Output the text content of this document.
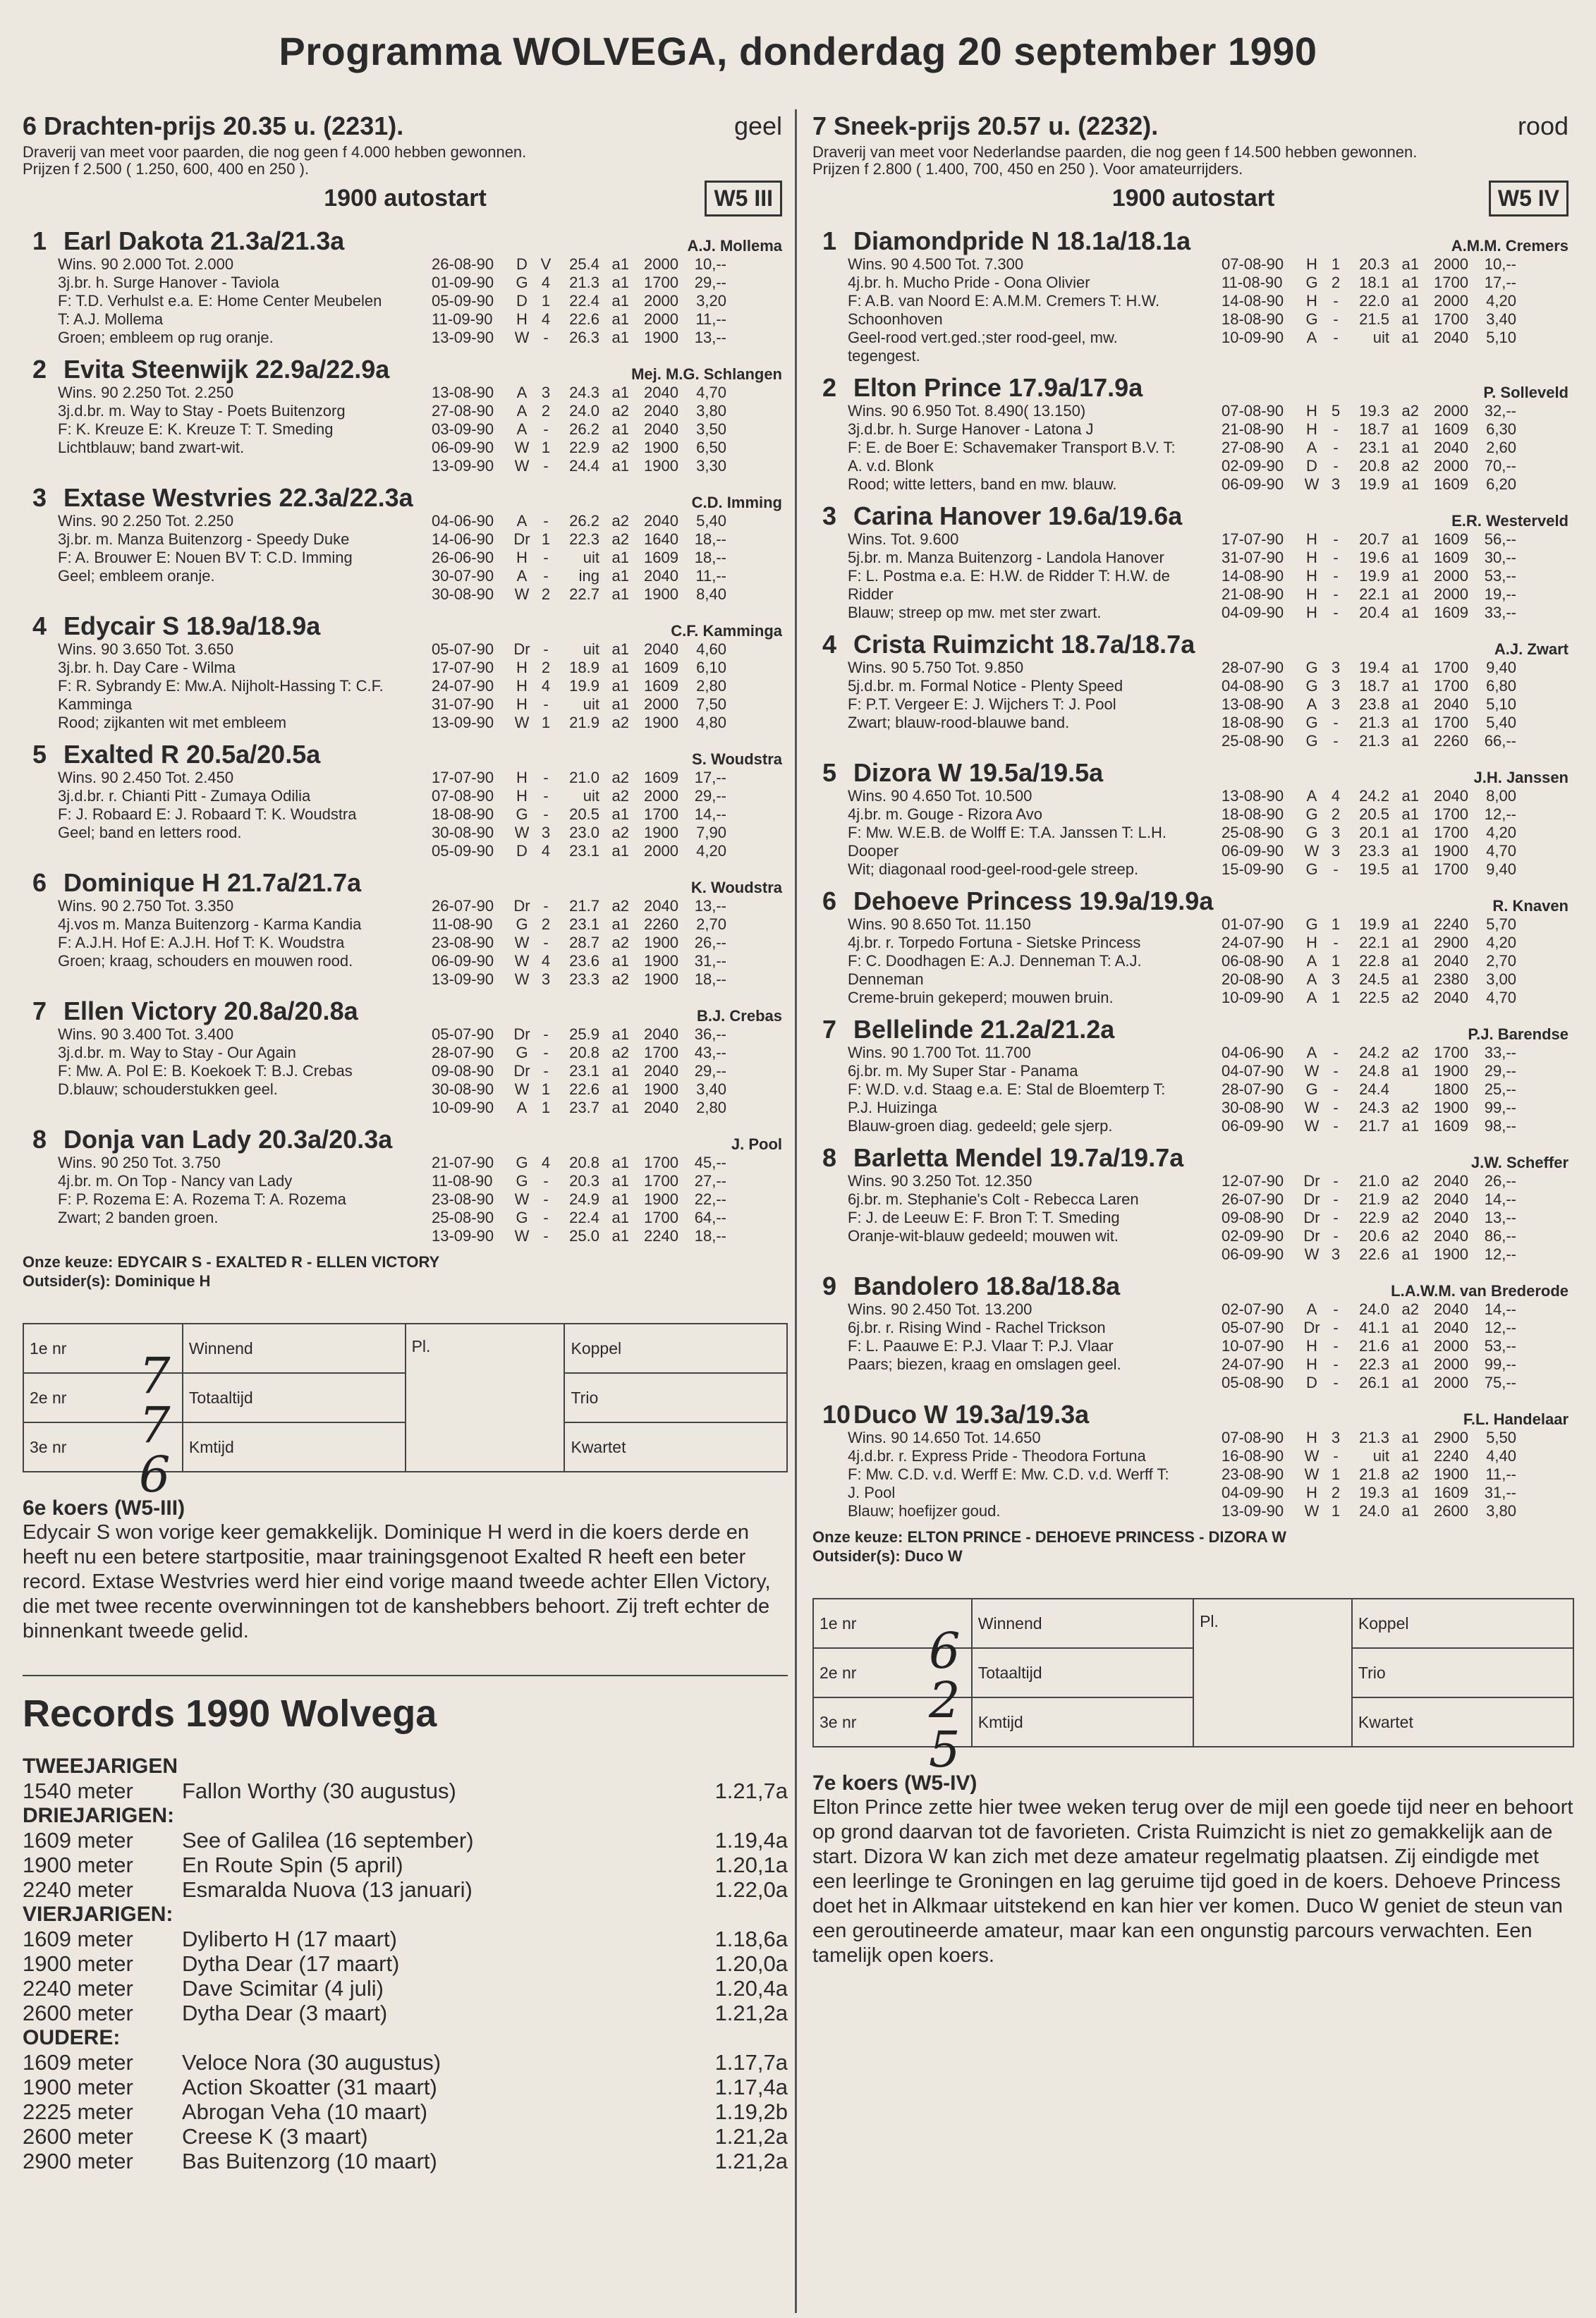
Programma WOLVEGA, donderdag 20 september 1990
6 Drachten-prijs 20.35 u. (2231).	geel
Draverij van meet voor paarden, die nog geen f 4.000 hebben gewonnen.
Prijzen f 2.500 ( 1.250, 600, 400 en 250 ).
1900 autostart	W5 III
1 Earl Dakota 21.3a/21.3a	A.J. Mollema
Wins. 90 2.000 Tot. 2.000
3j.br. h. Surge Hanover - Taviola
F: T.D. Verhulst e.a. E: Home Center Meubelen
T: A.J. Mollema
Groen; embleem op rug oranje.
26-08-90	D V	25.4 a1 2000	10,--
01-09-90	G 4	21.3 a1 1700	29,--
05-09-90	D 1	22.4 a1 2000	3,20
11-09-90	H 4	22.6 a1 2000	11,--
13-09-90	W -	26.3 a1 1900	13,--
2 Evita Steenwijk 22.9a/22.9a	Mej. M.G. Schlangen
Wins. 90 2.250 Tot. 2.250
3j.d.br. m. Way to Stay - Poets Buitenzorg
F: K. Kreuze E: K. Kreuze T: T. Smeding
Lichtblauw; band zwart-wit.
13-08-90	A 3	24.3 a1 2040	4,70
27-08-90	A 2	24.0 a2 2040	3,80
03-09-90	A	-	26.2 a1 2040	3,50
06-09-90	W 1	22.9 a2 1900	6,50
13-09-90	W -	24.4 a1 1900	3,30
3 Extase Westvries 22.3a/22.3a	C.D. Imming
Wins. 90 2.250 Tot. 2.250
3j.br. m. Manza Buitenzorg - Speedy Duke
F: A. Brouwer E: Nouen BV T: C.D. Imming
Geel; embleem oranje.
04-06-90	A	-	26.2 a2 2040	5,40
14-06-90	Dr 1	22.3 a2 1640	18,--
26-06-90	H	-	uit a1 1609	18,--
30-07-90	A	-	ing a1 2040	11,--
30-08-90	W 2	22.7 a1 1900	8,40
4 Edycair S 18.9a/18.9a	C.F. Kamminga
Wins. 90 3.650 Tot. 3.650
3j.br. h. Day Care - Wilma
F: R. Sybrandy E: Mw.A. Nijholt-Hassing T: C.F.
Kamminga
Rood; zijkanten wit met embleem
05-07-90	Dr -	uit a1 2040	4,60
17-07-90	H 2	18.9 a1 1609	6,10
24-07-90	H 4	19.9 a1 1609	2,80
31-07-90	H	-	uit a1 2000	7,50
13-09-90	W 1	21.9 a2 1900	4,80
5 Exalted R 20.5a/20.5a	S. Woudstra
Wins. 90 2.450 Tot. 2.450
3j.d.br. r. Chianti Pitt - Zumaya Odilia
F: J. Robaard E: J. Robaard T: K. Woudstra
Geel; band en letters rood.
17-07-90	H	-	21.0 a2 1609	17,--
07-08-90	H	-	uit a2 2000	29,--
18-08-90	G -	20.5 a1 1700	14,--
30-08-90	W 3	23.0 a2 1900	7,90
05-09-90	D 4	23.1 a1 2000	4,20
6 Dominique H 21.7a/21.7a	K. Woudstra
Wins. 90 2.750 Tot. 3.350
4j.vos m. Manza Buitenzorg - Karma Kandia
F: A.J.H. Hof E: A.J.H. Hof T: K. Woudstra
Groen; kraag, schouders en mouwen rood.
26-07-90	Dr -	21.7 a2 2040	13,--
11-08-90	G 2	23.1 a1 2260	2,70
23-08-90	W -	28.7 a2 1900	26,--
06-09-90	W 4	23.6 a1 1900	31,--
13-09-90	W 3	23.3 a2 1900	18,--
7 Ellen Victory 20.8a/20.8a	B.J. Crebas
Wins. 90 3.400 Tot. 3.400
3j.d.br. m. Way to Stay - Our Again
F: Mw. A. Pol E: B. Koekoek T: B.J. Crebas
D.blauw; schouderstukken geel.
05-07-90	Dr -	25.9 a1 2040	36,--
28-07-90	G -	20.8 a2 1700	43,--
09-08-90	Dr -	23.1 a1 2040	29,--
30-08-90	W 1	22.6 a1 1900	3,40
10-09-90	A 1	23.7 a1 2040	2,80
8 Donja van Lady 20.3a/20.3a	J. Pool
Wins. 90 250 Tot. 3.750
4j.br. m. On Top - Nancy van Lady
F: P. Rozema E: A. Rozema T: A. Rozema
Zwart; 2 banden groen.
21-07-90	G 4	20.8 a1 1700	45,--
11-08-90	G -	20.3 a1 1700	27,--
23-08-90	W -	24.9 a1 1900	22,--
25-08-90	G -	22.4 a1 1700	64,--
13-09-90	W -	25.0 a1 2240	18,--
Onze keuze: EDYCAIR S - EXALTED R - ELLEN VICTORY
Outsider(s): Dominique H
1e nr	Winnend	Pl.	Koppel
2e nr	Totaaltijd		Trio
3e nr	Kmtijd		Kwartet
7
7
6
6e koers (W5-III)
Edycair S won vorige keer gemakkelijk. Dominique H werd in die koers derde en heeft nu een betere startpositie, maar trainingsgenoot Exalted R heeft een beter record. Extase Westvries werd hier eind vorige maand tweede achter Ellen Victory, die met twee recente overwinningen tot de kanshebbers behoort. Zij treft echter de binnenkant tweede gelid.
Records 1990 Wolvega
TWEEJARIGEN
1540 meter	Fallon Worthy (30 augustus)	1.21,7a
DRIEJARIGEN:
1609 meter	See of Galilea (16 september)	1.19,4a
1900 meter	En Route Spin (5 april)	1.20,1a
2240 meter	Esmaralda Nuova (13 januari)	1.22,0a
VIERJARIGEN:
1609 meter	Dyliberto H (17 maart)	1.18,6a
1900 meter	Dytha Dear (17 maart)	1.20,0a
2240 meter	Dave Scimitar (4 juli)	1.20,4a
2600 meter	Dytha Dear (3 maart)	1.21,2a
OUDERE:
1609 meter	Veloce Nora (30 augustus)	1.17,7a
1900 meter	Action Skoatter (31 maart)	1.17,4a
2225 meter	Abrogan Veha (10 maart)	1.19,2b
2600 meter	Creese K (3 maart)	1.21,2a
2900 meter	Bas Buitenzorg (10 maart)	1.21,2a
7 Sneek-prijs 20.57 u. (2232).	rood
Draverij van meet voor Nederlandse paarden, die nog geen f 14.500 hebben gewonnen.
Prijzen f 2.800 ( 1.400, 700, 450 en 250 ). Voor amateurrijders.
1900 autostart	W5 IV
1 Diamondpride N 18.1a/18.1a	A.M.M. Cremers
Wins. 90 4.500 Tot. 7.300
4j.br. h. Mucho Pride - Oona Olivier
F: A.B. van Noord E: A.M.M. Cremers T: H.W.
Schoonhoven
Geel-rood vert.ged.;ster rood-geel, mw.
tegengest.
07-08-90	H 1	20.3 a1 2000	10,--
11-08-90	G 2	18.1 a1 1700	17,--
14-08-90	H	-	22.0 a1 2000	4,20
18-08-90	G -	21.5 a1 1700	3,40
10-09-90	A	-	uit a1 2040	5,10
2 Elton Prince 17.9a/17.9a	P. Solleveld
Wins. 90 6.950 Tot. 8.490( 13.150)
3j.d.br. h. Surge Hanover - Latona J
F: E. de Boer E: Schavemaker Transport B.V. T:
A. v.d. Blonk
Rood; witte letters, band en mw. blauw.
07-08-90	H 5	19.3 a2 2000	32,--
21-08-90	H	-	18.7 a1 1609	6,30
27-08-90	A	-	23.1 a1 2040	2,60
02-09-90	D	-	20.8 a2 2000	70,--
06-09-90	W 3	19.9 a1 1609	6,20
3 Carina Hanover 19.6a/19.6a	E.R. Westerveld
Wins. Tot. 9.600
5j.br. m. Manza Buitenzorg - Landola Hanover
F: L. Postma e.a. E: H.W. de Ridder T: H.W. de
Ridder
Blauw; streep op mw. met ster zwart.
17-07-90	H	-	20.7 a1 1609	56,--
31-07-90	H	-	19.6 a1 1609	30,--
14-08-90	H	-	19.9 a1 2000	53,--
21-08-90	H	-	22.1 a1 2000	19,--
04-09-90	H	-	20.4 a1 1609	33,--
4 Crista Ruimzicht 18.7a/18.7a	A.J. Zwart
Wins. 90 5.750 Tot. 9.850
5j.d.br. m. Formal Notice - Plenty Speed
F: P.T. Vergeer E: J. Wijchers T: J. Pool
Zwart; blauw-rood-blauwe band.
28-07-90	G 3	19.4 a1 1700	9,40
04-08-90	G 3	18.7 a1 1700	6,80
13-08-90	A 3	23.8 a1 2040	5,10
18-08-90	G -	21.3 a1 1700	5,40
25-08-90	G -	21.3 a1 2260	66,--
5 Dizora W 19.5a/19.5a	J.H. Janssen
Wins. 90 4.650 Tot. 10.500
4j.br. m. Gouge - Rizora Avo
F: Mw. W.E.B. de Wolff E: T.A. Janssen T: L.H.
Dooper
Wit; diagonaal rood-geel-rood-gele streep.
13-08-90	A 4	24.2 a1 2040	8,00
18-08-90	G 2	20.5 a1 1700	12,--
25-08-90	G 3	20.1 a1 1700	4,20
06-09-90	W 3	23.3 a1 1900	4,70
15-09-90	G -	19.5 a1 1700	9,40
6 Dehoeve Princess 19.9a/19.9a	R. Knaven
Wins. 90 8.650 Tot. 11.150
4j.br. r. Torpedo Fortuna - Sietske Princess
F: C. Doodhagen E: A.J. Denneman T: A.J.
Denneman
Creme-bruin gekeperd; mouwen bruin.
01-07-90	G 1	19.9 a1 2240	5,70
24-07-90	H	-	22.1 a1 2900	4,20
06-08-90	A 1	22.8 a1 2040	2,70
20-08-90	A 3	24.5 a1 2380	3,00
10-09-90	A 1	22.5 a2 2040	4,70
7 Bellelinde 21.2a/21.2a	P.J. Barendse
Wins. 90 1.700 Tot. 11.700
6j.br. m. My Super Star - Panama
F: W.D. v.d. Staag e.a. E: Stal de Bloemterp T:
P.J. Huizinga
Blauw-groen diag. gedeeld; gele sjerp.
04-06-90	A	-	24.2 a2 1700	33,--
04-07-90	W -	24.8 a1 1900	29,--
28-07-90	G -	24.4	1800	25,--
30-08-90	W -	24.3 a2 1900	99,--
06-09-90	W -	21.7 a1 1609	98,--
8 Barletta Mendel 19.7a/19.7a	J.W. Scheffer
Wins. 90 3.250 Tot. 12.350
6j.br. m. Stephanie's Colt - Rebecca Laren
F: J. de Leeuw E: F. Bron T: T. Smeding
Oranje-wit-blauw gedeeld; mouwen wit.
12-07-90	Dr -	21.0 a2 2040	26,--
26-07-90	Dr -	21.9 a2 2040	14,--
09-08-90	Dr -	22.9 a2 2040	13,--
02-09-90	Dr -	20.6 a2 2040	86,--
06-09-90	W 3	22.6 a1 1900	12,--
9 Bandolero 18.8a/18.8a	L.A.W.M. van Brederode
Wins. 90 2.450 Tot. 13.200
6j.br. r. Rising Wind - Rachel Trickson
F: L. Paauwe E: P.J. Vlaar T: P.J. Vlaar
Paars; biezen, kraag en omslagen geel.
02-07-90	A	-	24.0 a2 2040	14,--
05-07-90	Dr -	41.1 a1 2040	12,--
10-07-90	H	-	21.6 a1 2000	53,--
24-07-90	H	-	22.3 a1 2000	99,--
05-08-90	D	-	26.1 a1 2000	75,--
10 Duco W 19.3a/19.3a	F.L. Handelaar
Wins. 90 14.650 Tot. 14.650
4j.d.br. r. Express Pride - Theodora Fortuna
F: Mw. C.D. v.d. Werff E: Mw. C.D. v.d. Werff T:
J. Pool
Blauw; hoefijzer goud.
07-08-90	H 3	21.3 a1 2900	5,50
16-08-90	W -	uit a1 2240	4,40
23-08-90	W 1	21.8 a2 1900	11,--
04-09-90	H 2	19.3 a1 1609	31,--
13-09-90	W 1	24.0 a1 2600	3,80
Onze keuze: ELTON PRINCE - DEHOEVE PRINCESS - DIZORA W
Outsider(s): Duco W
1e nr	Winnend	Pl.	Koppel
2e nr	Totaaltijd		Trio
3e nr	Kmtijd		Kwartet
6
2
5
7e koers (W5-IV)
Elton Prince zette hier twee weken terug over de mijl een goede tijd neer en behoort op grond daarvan tot de favorieten. Crista Ruimzicht is niet zo gemakkelijk aan de start. Dizora W kan zich met deze amateur regelmatig plaatsen. Zij eindigde met een leerlinge te Groningen en lag geruime tijd goed in de koers. Dehoeve Princess doet het in Alkmaar uitstekend en kan hier ver komen. Duco W geniet de steun van een geroutineerde amateur, maar kan een ongunstig parcours verwachten. Een tamelijk open koers.
